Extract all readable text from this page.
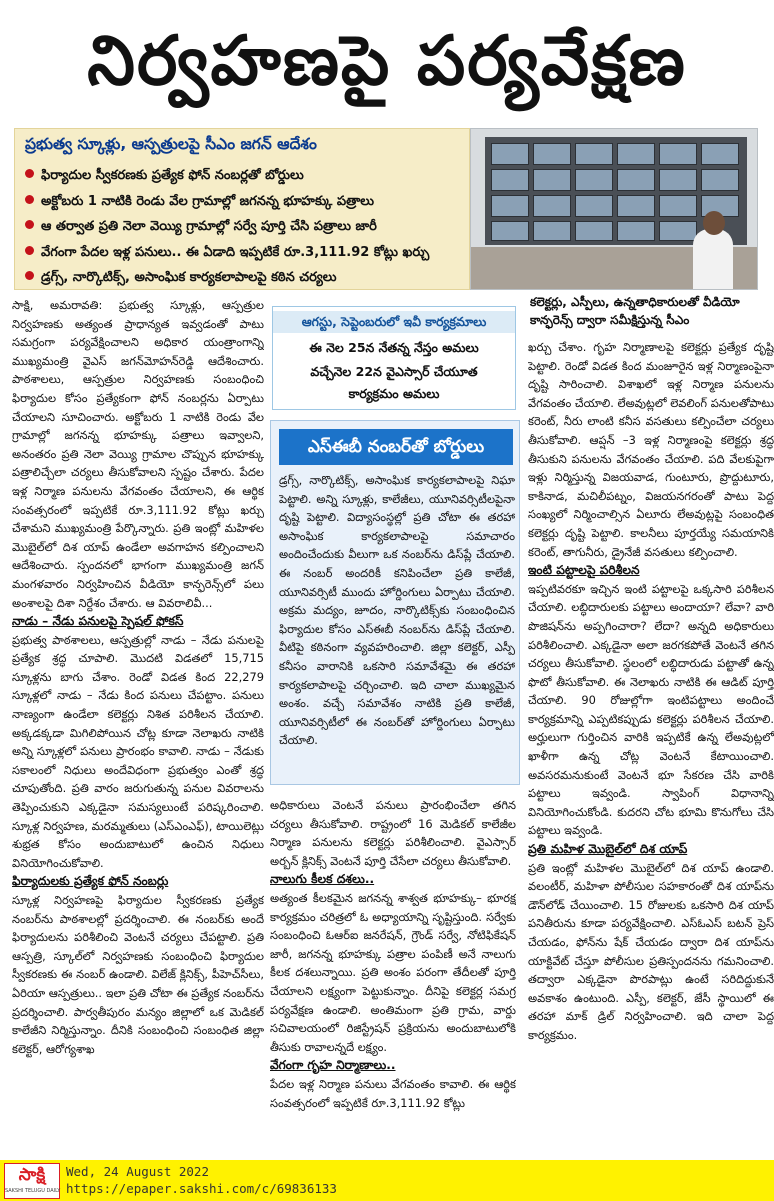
నిర్వహణపై పర్యవేక్షణ
ప్రభుత్వ స్కూళ్లు, ఆస్పత్రులపై సీఎం జగన్‌ ఆదేశం
ఫిర్యాదుల స్వీకరణకు ప్రత్యేక ఫోన్‌ నంబర్లతో బోర్డులు
అక్టోబరు 1 నాటికి రెండు వేల గ్రామాల్లో జగనన్న భూహక్కు పత్రాలు
ఆ తర్వాత ప్రతి నెలా వెయ్యి గ్రామాల్లో సర్వే పూర్తి చేసి పత్రాలు జారీ
వేగంగా పేదల ఇళ్ల పనులు.. ఈ ఏడాది ఇప్పటికే రూ.3,111.92 కోట్లు ఖర్చు
డ్రగ్స్, నార్కొటిక్స్, అసాంఘిక కార్యకలాపాలపై కఠిన చర్యలు
కలెక్టర్లు, ఎస్పీలు, ఉన్నతాధికారులతో వీడియో కాన్ఫరెన్స్‌ ద్వారా సమీక్షిస్తున్న సీఎం

సాక్షి, అమరావతి: ప్రభుత్వ స్కూళ్లు, ఆస్పత్రుల నిర్వహణకు అత్యంత ప్రాధాన్యత ఇవ్వడంతో పాటు సమగ్రంగా పర్యవేక్షించాలని అధికార యంత్రాంగాన్ని ముఖ్యమంత్రి వైఎస్‌ జగన్‌మోహన్‌రెడ్డి ఆదేశించారు. పాఠశాలలు, ఆస్పత్రుల నిర్వహణకు సంబంధించి ఫిర్యాదుల కోసం ప్రత్యేకంగా ఫోన్‌ నంబర్లను ఏర్పాటు చేయాలని సూచించారు. అక్టోబరు 1 నాటికి రెండు వేల గ్రామాల్లో జగనన్న భూహక్కు పత్రాలు ఇవ్వాలని, అనంతరం ప్రతి నెలా వెయ్యి గ్రామాల చొప్పున భూహక్కు పత్రాలిచ్చేలా చర్యలు తీసుకోవాలని స్పష్టం చేశారు. పేదల ఇళ్ల నిర్మాణ పనులను వేగవంతం చేయాలని, ఈ ఆర్థిక సంవత్సరంలో ఇప్పటికే రూ.3,111.92 కోట్లు ఖర్చు చేశామని ముఖ్యమంత్రి పేర్కొన్నారు. ప్రతి ఇంట్లో మహిళల మొబైల్‌లో దిశ యాప్‌ ఉండేలా అవగాహన కల్పించాలని ఆదేశించారు. స్పందనలో భాగంగా ముఖ్యమంత్రి జగన్‌ మంగళవారం నిర్వహించిన వీడియో కాన్ఫరెన్స్‌లో పలు అంశాలపై దిశా నిర్దేశం చేశారు. ఆ వివరాలివీ...

నాడు – నేడు పనులపై స్పెషల్‌ ఫోకస్‌

ప్రభుత్వ పాఠశాలలు, ఆస్పత్రుల్లో నాడు – నేడు పనులపై ప్రత్యేక శ్రద్ధ చూపాలి. మొదటి విడతలో 15,715 స్కూళ్లను బాగు చేశాం. రెండో విడత కింద 22,279 స్కూళ్లలో నాడు – నేడు కింద పనులు చేపట్టాం. పనులు నాణ్యంగా ఉండేలా కలెక్టర్లు నిశిత పరిశీలన చేయాలి. అక్కడక్కడా మిగిలిపోయిన చోట్ల కూడా నెలాఖరు నాటికి అన్ని స్కూళ్లలో పనులు ప్రారంభం కావాలి. నాడు – నేడుకు సకాలంలో నిధులు అందేవిధంగా ప్రభుత్వం ఎంతో శ్రద్ధ చూపుతోంది. ప్రతి వారం జరుగుతున్న పనుల వివరాలను తెప్పించుకుని ఎక్కడైనా సమస్యలుంటే పరిష్కరించాలి. స్కూళ్ల నిర్వహణ, మరమ్మతులు (ఎస్‌ఎంఎఫ్‌), టాయిలెట్లు శుభ్రత కోసం అందుబాటులో ఉంచిన నిధులు వినియోగించుకోవాలి.

ఫిర్యాదులకు ప్రత్యేక ఫోన్‌ నంబర్లు

స్కూళ్ల నిర్వహణపై ఫిర్యాదుల స్వీకరణకు ప్రత్యేక నంబర్‌ను పాఠశాలల్లో ప్రదర్శించాలి. ఈ నంబర్‌కు అందే ఫిర్యాదులను పరిశీలించి వెంటనే చర్యలు చేపట్టాలి. ప్రతి ఆస్పత్రి, స్కూల్‌లో నిర్వహణకు సంబంధించి ఫిర్యాదుల స్వీకరణకు ఈ నంబర్‌ ఉండాలి. విలేజ్‌ క్లినిక్స్, పీహెచ్‌సీలు, ఏరియా ఆస్పత్రులు.. ఇలా ప్రతి చోటా ఈ ప్రత్యేక నంబర్‌ను ప్రదర్శించాలి. పార్వతీపురం మన్యం జిల్లాలో ఒక మెడికల్‌ కాలేజీని నిర్మిస్తున్నాం. దీనికి సంబంధించి సంబంధిత జిల్లా కలెక్టర్, ఆరోగ్యశాఖ

ఆగస్టు, సెప్టెంబరులో ఇవీ కార్యక్రమాలు
ఈ నెల 25న నేతన్న నేస్తం అమలు
వచ్చేనెల 22న వైఎస్సార్‌ చేయూత
కార్యక్రమం అమలు
ఎస్‌ఈబీ నంబర్‌తో బోర్డులు
డ్రగ్స్, నార్కొటిక్స్, అసాంఘిక కార్యకలాపాలపై నిఘా పెట్టాలి. అన్ని స్కూళ్లు, కాలేజీలు, యూనివర్సిటీలపైనా దృష్టి పెట్టాలి. విద్యాసంస్థల్లో ప్రతి చోటా ఈ తరహా అసాంఘిక కార్యకలాపాలపై సమాచారం అందించేందుకు వీలుగా ఒక నంబర్‌ను డిస్‌ప్లే చేయాలి. ఈ నంబర్‌ అందరికీ కనిపించేలా ప్రతి కాలేజీ, యూనివర్సిటీ ముందు హోర్డింగులు ఏర్పాటు చేయాలి. అక్రమ మద్యం, జూదం, నార్కొటిక్స్‌కు సంబంధించిన ఫిర్యాదుల కోసం ఎస్‌ఈబీ నంబర్‌ను డిస్‌ప్లే చేయాలి. వీటిపై కఠినంగా వ్యవహరించాలి. జిల్లా కలెక్టర్, ఎస్పీ కనీసం వారానికి ఒకసారి సమావేశమై ఈ తరహా కార్యకలాపాలపై చర్చించాలి. ఇది చాలా ముఖ్యమైన అంశం. వచ్చే సమావేశం నాటికి ప్రతి కాలేజీ, యూనివర్సిటీలో ఈ నంబర్‌తో హోర్డింగులు ఏర్పాటు చేయాలి.

అధికారులు వెంటనే పనులు ప్రారంభించేలా తగిన చర్యలు తీసుకోవాలి. రాష్ట్రంలో 16 మెడికల్‌ కాలేజీల నిర్మాణ పనులను కలెక్టర్లు పరిశీలించాలి. వైఎస్సార్‌ అర్బన్‌ క్లినిక్స్‌ వెంటనే పూర్తి చేసేలా చర్యలు తీసుకోవాలి.

నాలుగు కీలక దశలు..

అత్యంత కీలకమైన జగనన్న శాశ్వత భూహక్కు– భూరక్ష కార్యక్రమం చరిత్రలో ఓ అధ్యాయాన్ని సృష్టిస్తుంది. సర్వేకు సంబంధించి ఓఆర్‌ఐ జనరేషన్, గ్రౌండ్‌ సర్వే, నోటిఫికేషన్‌ జారీ, జగనన్న భూహక్కు పత్రాల పంపిణీ అనే నాలుగు కీలక దశలున్నాయి. ప్రతి అంశం పరంగా తేదీలతో పూర్తి చేయాలని లక్ష్యంగా పెట్టుకున్నాం. దీనిపై కలెక్టర్ల సమగ్ర పర్యవేక్షణ ఉండాలి. అంతిమంగా ప్రతి గ్రామ, వార్డు సచివాలయంలో రిజిస్ట్రేషన్‌ ప్రక్రియను అందుబాటులోకి తీసుకు రావాలన్నదే లక్ష్యం.

వేగంగా గృహ నిర్మాణాలు..

పేదల ఇళ్ల నిర్మాణ పనులు వేగవంతం కావాలి. ఈ ఆర్థిక సంవత్సరంలో ఇప్పటికే రూ.3,111.92 కోట్లు

ఖర్చు చేశాం. గృహ నిర్మాణాలపై కలెక్టర్లు ప్రత్యేక దృష్టి పెట్టాలి. రెండో విడత కింద మంజూరైన ఇళ్ల నిర్మాణంపైనా దృష్టి సారించాలి. విశాఖలో ఇళ్ల నిర్మాణ పనులను వేగవంతం చేయాలి. లేఅవుట్లలో లెవలింగ్‌ పనులతోపాటు కరెంట్, నీరు లాంటి కనీస వసతులు కల్పించేలా చర్యలు తీసుకోవాలి. ఆప్షన్‌ –3 ఇళ్ల నిర్మాణంపై కలెక్టర్లు శ్రద్ధ తీసుకుని పనులను వేగవంతం చేయాలి. పది వేలకుపైగా ఇళ్లు నిర్మిస్తున్న విజయవాడ, గుంటూరు, ప్రొద్దుటూరు, కాకినాడ, మచిలీపట్నం, విజయనగరంతో పాటు పెద్ద సంఖ్యలో నిర్మించాల్సిన ఏలూరు లేఅవుట్లపై సంబంధిత కలెక్టర్లు దృష్టి పెట్టాలి. కాలనీలు పూర్తయ్యే సమయానికి కరెంట్, తాగునీరు, డ్రైనేజీ వసతులు కల్పించాలి.

ఇంటి పట్టాలపై పరిశీలన

ఇప్పటివరకూ ఇచ్చిన ఇంటి పట్టాలపై ఒక్కసారి పరిశీలన చేయాలి. లబ్ధిదారులకు పట్టాలు అందాయా? లేవా? వారి పొజిషన్‌ను అప్పగించారా? లేదా? అన్నది అధికారులు పరిశీలించాలి. ఎక్కడైనా అలా జరగకపోతే వెంటనే తగిన చర్యలు తీసుకోవాలి. స్థలంలో లబ్ధిదారుడు పట్టాతో ఉన్న ఫొటో తీసుకోవాలి. ఈ నెలాఖరు నాటికి ఈ ఆడిట్‌ పూర్తి చేయాలి. 90 రోజుల్లోగా ఇంటిపట్టాలు అందించే కార్యక్రమాన్ని ఎప్పటికప్పుడు కలెక్టర్లు పరిశీలన చేయాలి. అర్హులుగా గుర్తించిన వారికి ఇప్పటికే ఉన్న లేఅవుట్లలో ఖాళీగా ఉన్న చోట్ల వెంటనే కేటాయించాలి. అవసరమనుకుంటే వెంటనే భూ సేకరణ చేసి వారికి పట్టాలు ఇవ్వండి. స్వాపింగ్‌ విధానాన్ని వినియోగించుకోండి. కుదరని చోట భూమి కొనుగోలు చేసి పట్టాలు ఇవ్వండి.

ప్రతి మహిళ మొబైల్‌లో దిశ యాప్‌

ప్రతి ఇంట్లో మహిళల మొబైల్‌లో దిశ యాప్‌ ఉండాలి. వలంటీర్, మహిళా పోలీసుల సహకారంతో దిశ యాప్‌ను డౌన్‌లోడ్‌ చేయించాలి. 15 రోజులకు ఒకసారి దిశ యాప్‌ పనితీరును కూడా పర్యవేక్షించాలి. ఎస్‌ఓఎస్‌ బటన్‌ ప్రెస్‌ చేయడం, ఫోన్‌ను షేక్‌ చేయడం ద్వారా దిశ యాప్‌ను యాక్టివేట్‌ చేస్తూ పోలీసుల ప్రతిస్పందనను గమనించాలి. తద్వారా ఎక్కడైనా పొరపాట్లు ఉంటే సరిదిద్దుకునే అవకాశం ఉంటుంది. ఎస్పీ, కలెక్టర్, జేసీ స్థాయిలో ఈ తరహా మాక్‌ డ్రిల్‌ నిర్వహించాలి. ఇది చాలా పెద్ద కార్యక్రమం.

సాక్షి
SAKSHI TELUGU DAILY
Wed, 24 August 2022
https://epaper.sakshi.com/c/69836133
